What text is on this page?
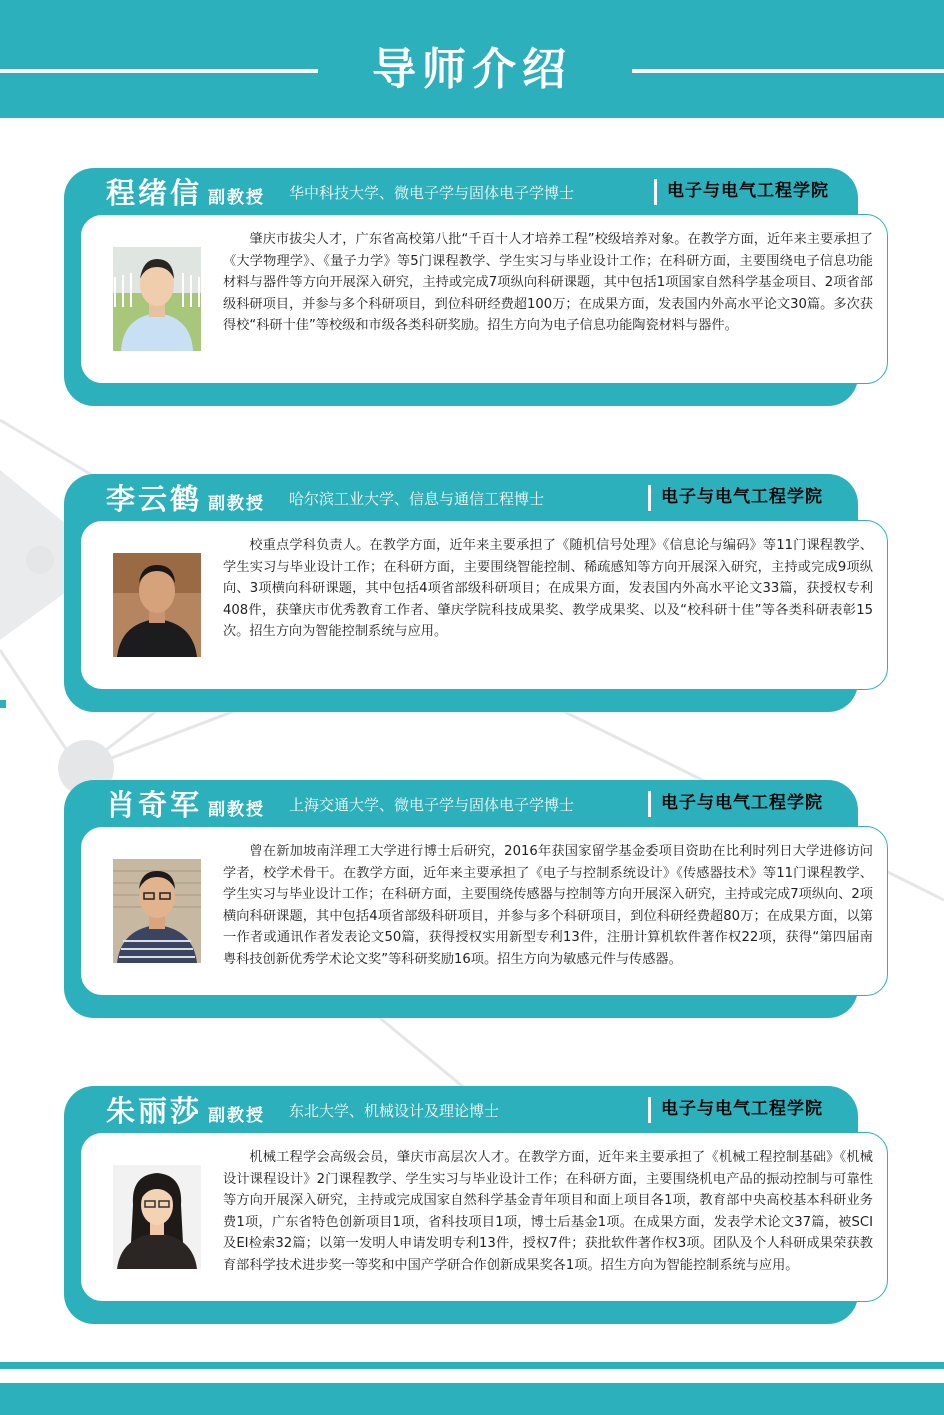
导师介绍
程绪信 副教授 华中科技大学、微电子学与固体电子学博士	电子与电气工程学院
肇庆市拔尖人才，广东省高校第八批“千百十人才培养工程”校级培养对象。在教学方面，近年来主要承担了《大学物理学》、《量子力学》等5门课程教学、学生实习与毕业设计工作；在科研方面，主要围绕电子信息功能材料与器件等方向开展深入研究，主持或完成7项纵向科研课题，其中包括1项国家自然科学基金项目、2项省部级科研项目，并参与多个科研项目，到位科研经费超100万；在成果方面，发表国内外高水平论文30篇。多次获得校“科研十佳”等校级和市级各类科研奖励。招生方向为电子信息功能陶瓷材料与器件。
李云鹤 副教授 哈尔滨工业大学、信息与通信工程博士	电子与电气工程学院
校重点学科负责人。在教学方面，近年来主要承担了《随机信号处理》《信息论与编码》等11门课程教学、学生实习与毕业设计工作；在科研方面，主要围绕智能控制、稀疏感知等方向开展深入研究，主持或完成9项纵向、3项横向科研课题，其中包括4项省部级科研项目；在成果方面，发表国内外高水平论文33篇，获授权专利408件，获肇庆市优秀教育工作者、肇庆学院科技成果奖、教学成果奖、以及“校科研十佳”等各类科研表彰15次。招生方向为智能控制系统与应用。
肖奇军 副教授 上海交通大学、微电子学与固体电子学博士	电子与电气工程学院
曾在新加坡南洋理工大学进行博士后研究，2016年获国家留学基金委项目资助在比利时列日大学进修访问学者，校学术骨干。在教学方面，近年来主要承担了《电子与控制系统设计》《传感器技术》等11门课程教学、学生实习与毕业设计工作；在科研方面，主要围绕传感器与控制等方向开展深入研究，主持或完成7项纵向、2项横向科研课题，其中包括4项省部级科研项目，并参与多个科研项目，到位科研经费超80万；在成果方面，以第一作者或通讯作者发表论文50篇，获得授权实用新型专利13件，注册计算机软件著作权22项，获得“第四届南粤科技创新优秀学术论文奖”等科研奖励16项。招生方向为敏感元件与传感器。
朱丽莎 副教授 东北大学、机械设计及理论博士	电子与电气工程学院
机械工程学会高级会员，肇庆市高层次人才。在教学方面，近年来主要承担了《机械工程控制基础》《机械设计课程设计》2门课程教学、学生实习与毕业设计工作；在科研方面，主要围绕机电产品的振动控制与可靠性等方向开展深入研究，主持或完成国家自然科学基金青年项目和面上项目各1项，教育部中央高校基本科研业务费1项，广东省特色创新项目1项，省科技项目1项，博士后基金1项。在成果方面，发表学术论文37篇，被SCI及EI检索32篇；以第一发明人申请发明专利13件，授权7件；获批软件著作权3项。团队及个人科研成果荣获教育部科学技术进步奖一等奖和中国产学研合作创新成果奖各1项。招生方向为智能控制系统与应用。
